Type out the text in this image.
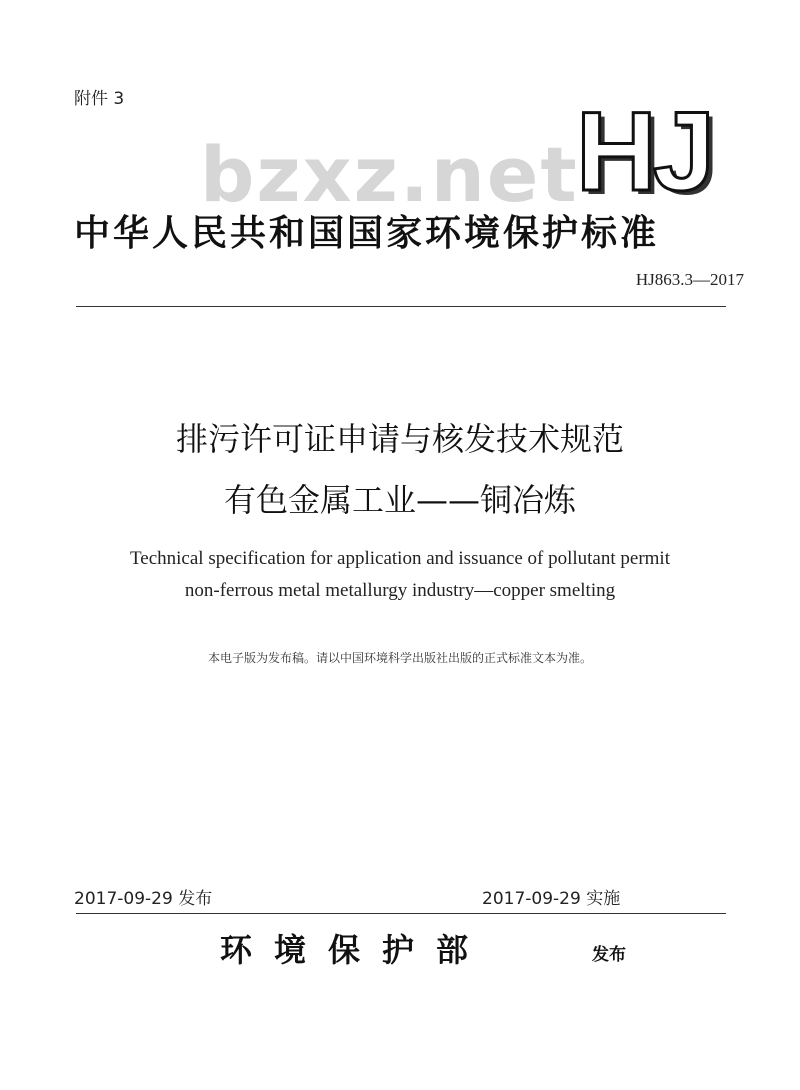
附件 3
bzxz.net
HJ
中华人民共和国国家环境保护标准
HJ863.3—2017
排污许可证申请与核发技术规范
有色金属工业——铜冶炼
Technical specification for application and issuance of pollutant permit
non-ferrous metal metallurgy industry—copper smelting
本电子版为发布稿。请以中国环境科学出版社出版的正式标准文本为准。
2017-09-29 发布	2017-09-29 实施
环境保护部	发布
